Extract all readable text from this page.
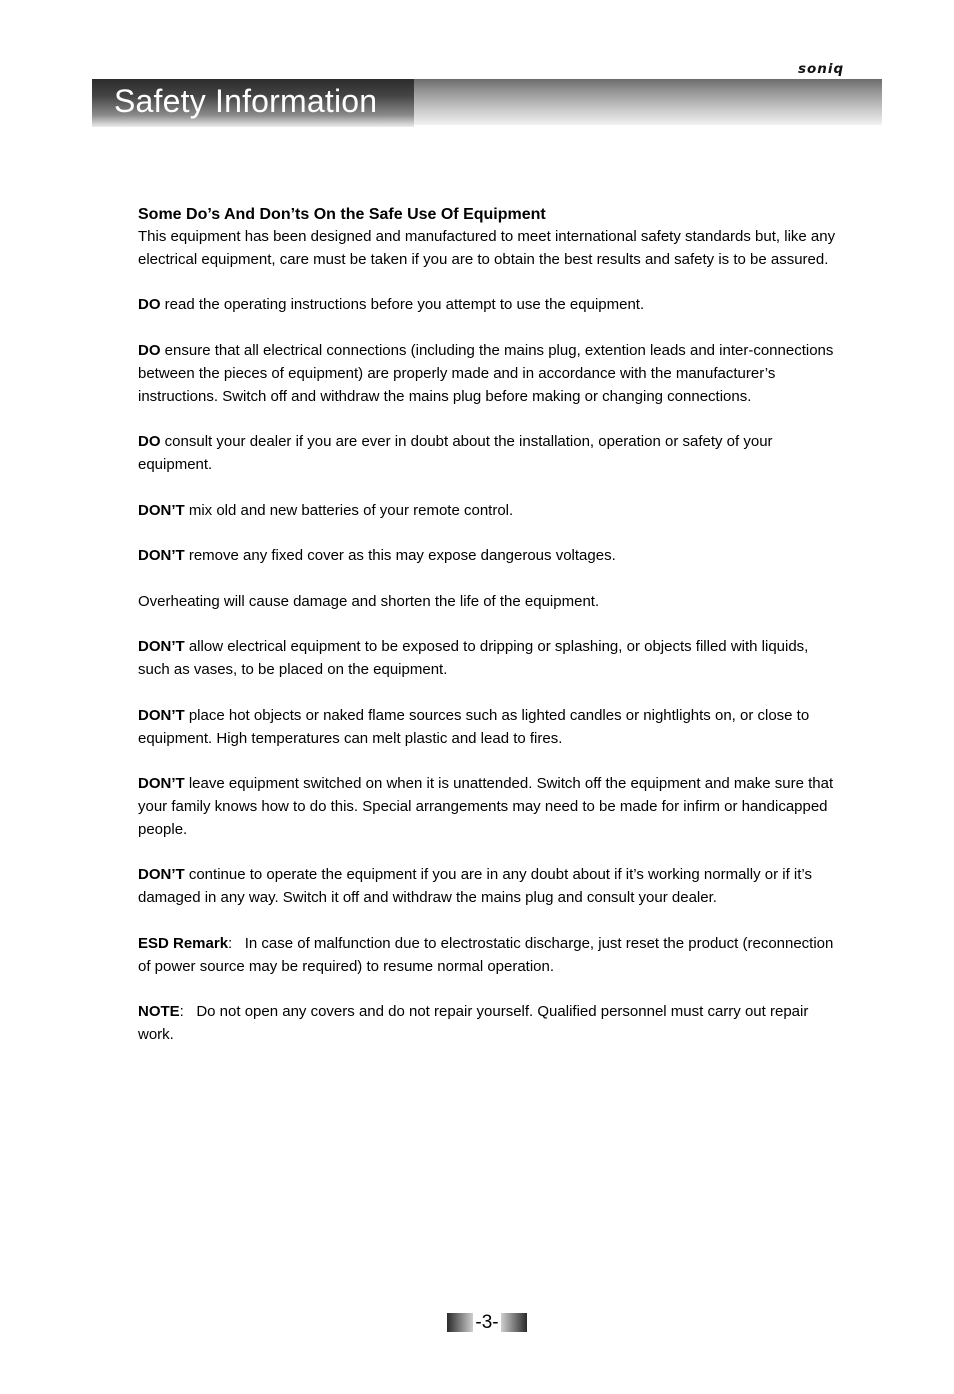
soniq
Safety Information
Some Do’s And Don’ts On the Safe Use Of Equipment

This equipment has been designed and manufactured to meet international safety standards but, like any electrical equipment, care must be taken if you are to obtain the best results and safety is to be assured.

DO read the operating instructions before you attempt to use the equipment.

DO ensure that all electrical connections (including the mains plug, extention leads and inter-connections between the pieces of equipment) are properly made and in accordance with the manufacturer’s instructions. Switch off and withdraw the mains plug before making or changing connections.

DO consult your dealer if you are ever in doubt about the installation, operation or safety of your equipment.

DON’T mix old and new batteries of your remote control.

DON’T remove any fixed cover as this may expose dangerous voltages.

Overheating will cause damage and shorten the life of the equipment.

DON’T allow electrical equipment to be exposed to dripping or splashing, or objects filled with liquids, such as vases, to be placed on the equipment.

DON’T place hot objects or naked flame sources such as lighted candles or nightlights on, or close to equipment. High temperatures can melt plastic and lead to fires.

DON’T leave equipment switched on when it is unattended. Switch off the equipment and make sure that your family knows how to do this. Special arrangements may need to be made for infirm or handicapped people.

DON’T continue to operate the equipment if you are in any doubt about if it’s working normally or if it’s damaged in any way. Switch it off and withdraw the mains plug and consult your dealer.

ESD Remark:   In case of malfunction due to electrostatic discharge, just reset the product (reconnection of power source may be required) to resume normal operation.

NOTE:   Do not open any covers and do not repair yourself. Qualified personnel must carry out repair work.

-3-
